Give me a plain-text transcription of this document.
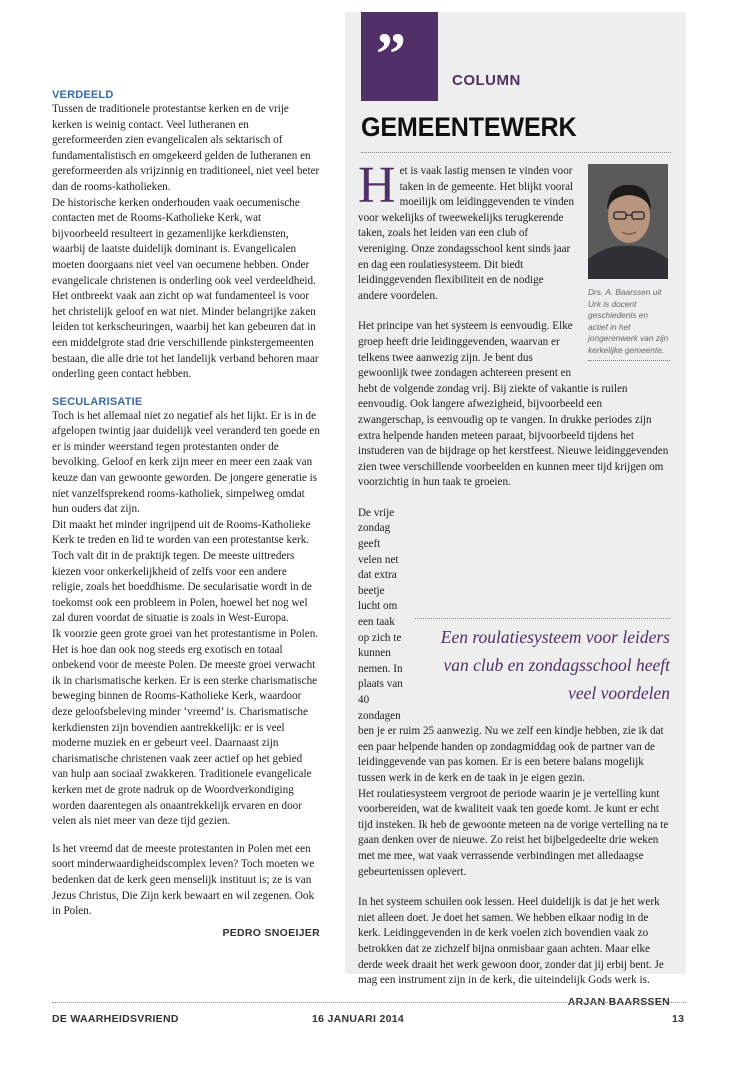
VERDEELD

Tussen de traditionele protestantse kerken en de vrije kerken is weinig contact. Veel lutheranen en gereformeerden zien evangelicalen als sektarisch of fundamentalistisch en omgekeerd gelden de lutheranen en gereformeerden als vrijzinnig en traditioneel, niet veel beter dan de rooms-katholieken.

De historische kerken onderhouden vaak oecumenische contacten met de Rooms-Katholieke Kerk, wat bijvoorbeeld resulteert in gezamenlijke kerkdiensten, waarbij de laatste duidelijk dominant is. Evangelicalen moeten doorgaans niet veel van oecumene hebben. Onder evangelicale christenen is onderling ook veel verdeeldheid. Het ontbreekt vaak aan zicht op wat fundamenteel is voor het christelijk geloof en wat niet. Minder belangrijke zaken leiden tot kerkscheuringen, waarbij het kan gebeuren dat in een middelgrote stad drie verschillende pinkstergemeenten bestaan, die alle drie tot het landelijk verband behoren maar onderling geen contact hebben.

SECULARISATIE

Toch is het allemaal niet zo negatief als het lijkt. Er is in de afgelopen twintig jaar duidelijk veel veranderd ten goede en er is minder weerstand tegen protestanten onder de bevolking. Geloof en kerk zijn meer en meer een zaak van keuze dan van gewoonte geworden. De jongere generatie is niet vanzelfsprekend rooms-katholiek, simpelweg omdat hun ouders dat zijn.

Dit maakt het minder ingrijpend uit de Rooms-Katholieke Kerk te treden en lid te worden van een protestantse kerk. Toch valt dit in de praktijk tegen. De meeste uittreders kiezen voor onkerkelijkheid of zelfs voor een andere religie, zoals het boeddhisme. De secularisatie wordt in de toekomst ook een probleem in Polen, hoewel het nog wel zal duren voordat de situatie is zoals in West-Europa.

Ik voorzie geen grote groei van het protestantisme in Polen. Het is hoe dan ook nog steeds erg exotisch en totaal onbekend voor de meeste Polen. De meeste groei verwacht ik in charismatische kerken. Er is een sterke charismatische beweging binnen de Rooms-Katholieke Kerk, waardoor deze geloofsbeleving minder ‘vreemd’ is. Charismatische kerkdiensten zijn bovendien aantrekkelijk: er is veel moderne muziek en er gebeurt veel. Daarnaast zijn charismatische christenen vaak zeer actief op het gebied van hulp aan sociaal zwakkeren. Traditionele evangelicale kerken met de grote nadruk op de Woordverkondiging worden daarentegen als onaantrekkelijk ervaren en door velen als niet meer van deze tijd gezien.

Is het vreemd dat de meeste protestanten in Polen met een soort minderwaardigheidscomplex leven? Toch moeten we bedenken dat de kerk geen menselijk instituut is; ze is van Jezus Christus, Die Zijn kerk bewaart en wil zegenen. Ook in Polen.

PEDRO SNOEIJER
”	COLUMN
GEMEENTEWERK
Drs. A. Baarssen uit Urk is docent geschiedenis en actief in het jongerenwerk van zijn kerkelijke gemeente.

Het is vaak lastig mensen te vinden voor taken in de gemeente. Het blijkt vooral moeilijk om leidinggevenden te vinden voor wekelijks of tweewekelijks terugkerende taken, zoals het leiden van een club of vereniging. Onze zondagsschool kent sinds jaar en dag een roulatiesysteem. Dit biedt leidinggevenden flexibiliteit en de nodige andere voordelen.

Het principe van het systeem is eenvoudig. Elke groep heeft drie leidinggevenden, waarvan er telkens twee aanwezig zijn. Je bent dus gewoonlijk twee zondagen achtereen present en hebt de volgende zondag vrij. Bij ziekte of vakantie is ruilen eenvoudig. Ook langere afwezigheid, bijvoorbeeld een zwangerschap, is eenvoudig op te vangen. In drukke periodes zijn extra helpende handen meteen paraat, bijvoorbeeld tijdens het instuderen van de bijdrage op het kerstfeest. Nieuwe leidinggevenden zien twee verschillende voorbeelden en kunnen meer tijd krijgen om voorzichtig in hun taak te groeien.

Een roulatiesysteem voor leiders van club en zondagsschool heeft veel voordelen

De vrije zondag geeft velen net dat extra beetje lucht om een taak op zich te kunnen nemen. In plaats van 40 zondagen ben je er ruim 25 aanwezig. Nu we zelf een kindje hebben, zie ik dat een paar helpende handen op zondagmiddag ook de partner van de leidinggevende van pas komen. Er is een betere balans mogelijk tussen werk in de kerk en de taak in je eigen gezin.

Het roulatiesysteem vergroot de periode waarin je je vertelling kunt voorbereiden, wat de kwaliteit vaak ten goede komt. Je kunt er echt tijd insteken. Ik heb de gewoonte meteen na de vorige vertelling na te gaan denken over de nieuwe. Zo reist het bijbelgedeelte drie weken met me mee, wat vaak verrassende verbindingen met alledaagse gebeurtenissen oplevert.

In het systeem schuilen ook lessen. Heel duidelijk is dat je het werk niet alleen doet. Je doet het samen. We hebben elkaar nodig in de kerk. Leidinggevenden in de kerk voelen zich bovendien vaak zo betrokken dat ze zichzelf bijna onmisbaar gaan achten. Maar elke derde week draait het werk gewoon door, zonder dat jij erbij bent. Je mag een instrument zijn in de kerk, die uiteindelijk Gods werk is.

ARJAN BAARSSEN
DE WAARHEIDSVRIEND	16 JANUARI 2014	13
